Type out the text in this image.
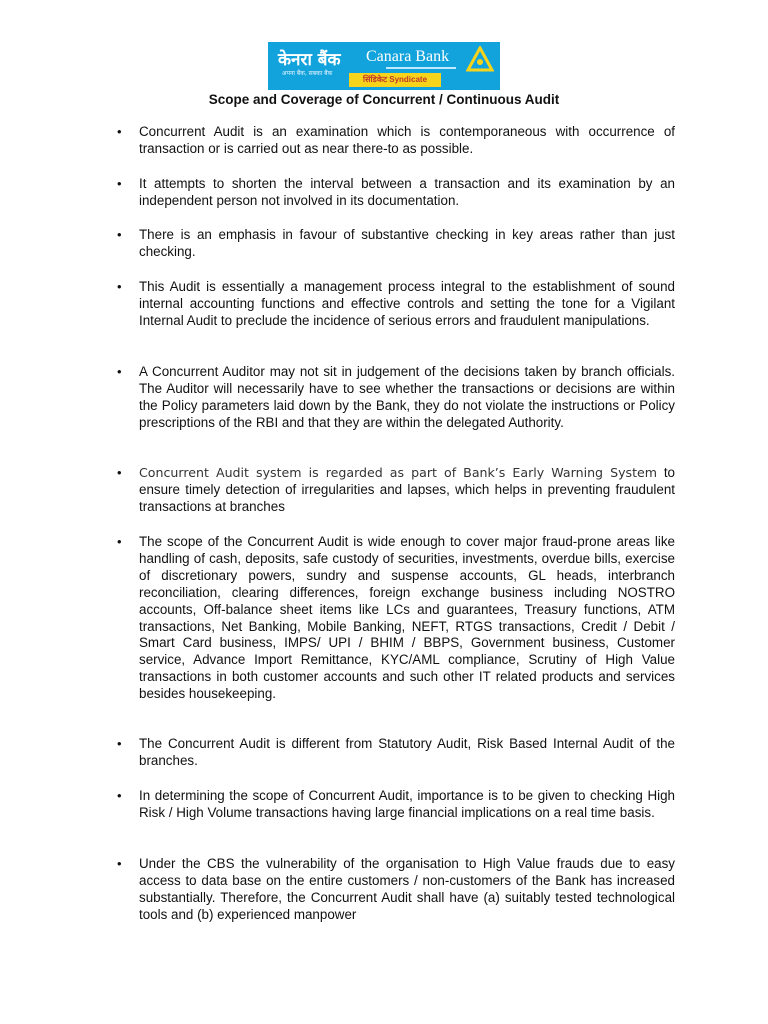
केनरा बैंक
अपना बैंक, सबका बैंक
Canara Bank
सिंडिकेट Syndicate
Scope and Coverage of Concurrent / Continuous Audit
• Concurrent Audit is an examination which is contemporaneous with occurrence of transaction or is carried out as near there-to as possible.
• It attempts to shorten the interval between a transaction and its examination by an independent person not involved in its documentation.
• There is an emphasis in favour of substantive checking in key areas rather than just checking.
• This Audit is essentially a management process integral to the establishment of sound internal accounting functions and effective controls and setting the tone for a Vigilant Internal Audit to preclude the incidence of serious errors and fraudulent manipulations.
• A Concurrent Auditor may not sit in judgement of the decisions taken by branch officials. The Auditor will necessarily have to see whether the transactions or decisions are within the Policy parameters laid down by the Bank, they do not violate the instructions or Policy prescriptions of the RBI and that they are within the delegated Authority.
• Concurrent Audit system is regarded as part of Bank’s Early Warning System to ensure timely detection of irregularities and lapses, which helps in preventing fraudulent transactions at branches
• The scope of the Concurrent Audit is wide enough to cover major fraud-prone areas like handling of cash, deposits, safe custody of securities, investments, overdue bills, exercise of discretionary powers, sundry and suspense accounts, GL heads, interbranch reconciliation, clearing differences, foreign exchange business including NOSTRO accounts, Off-balance sheet items like LCs and guarantees, Treasury functions, ATM transactions, Net Banking, Mobile Banking, NEFT, RTGS transactions, Credit / Debit / Smart Card business, IMPS/ UPI / BHIM / BBPS, Government business, Customer service, Advance Import Remittance, KYC/AML compliance, Scrutiny of High Value transactions in both customer accounts and such other IT related products and services besides housekeeping.
• The Concurrent Audit is different from Statutory Audit, Risk Based Internal Audit of the branches.
• In determining the scope of Concurrent Audit, importance is to be given to checking High Risk / High Volume transactions having large financial implications on a real time basis.
• Under the CBS the vulnerability of the organisation to High Value frauds due to easy access to data base on the entire customers / non-customers of the Bank has increased substantially. Therefore, the Concurrent Audit shall have (a) suitably tested technological tools and (b) experienced manpower
